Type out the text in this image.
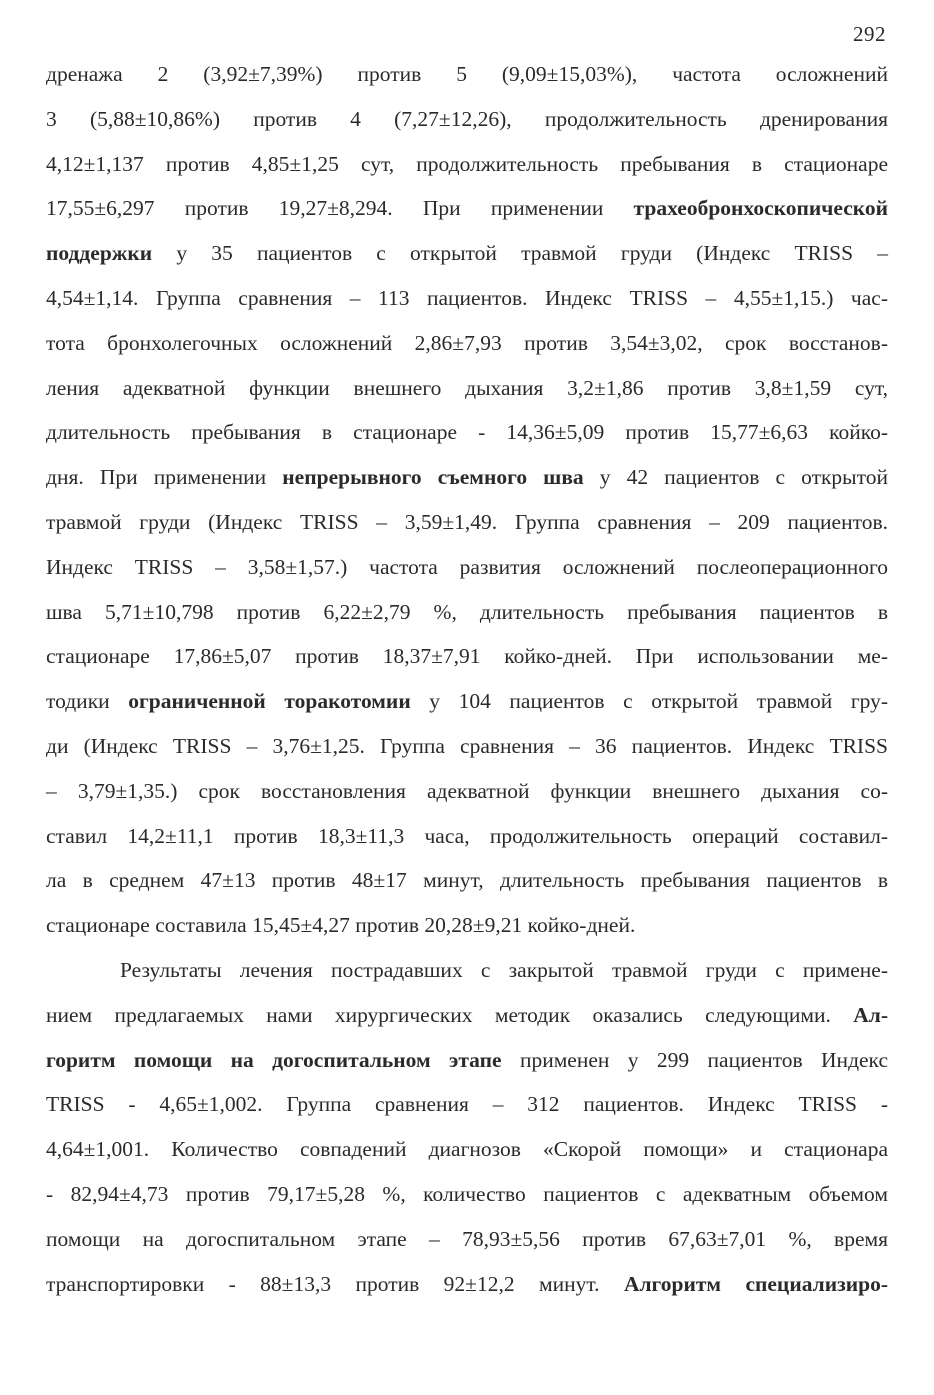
292
дренажа 2 (3,92±7,39%) против 5 (9,09±15,03%), частота осложнений
3 (5,88±10,86%) против 4 (7,27±12,26), продолжительность дренирования
4,12±1,137 против 4,85±1,25 сут, продолжительность пребывания в стационаре
17,55±6,297 против 19,27±8,294. При применении трахеобронхоскопической
поддержки у 35 пациентов с открытой травмой груди (Индекс TRISS –
4,54±1,14. Группа сравнения – 113 пациентов. Индекс TRISS – 4,55±1,15.) час-
тота бронхолегочных осложнений 2,86±7,93 против 3,54±3,02, срок восстанов-
ления адекватной функции внешнего дыхания 3,2±1,86 против 3,8±1,59 сут,
длительность пребывания в стационаре - 14,36±5,09 против 15,77±6,63 койко-
дня. При применении непрерывного съемного шва у 42 пациентов с открытой
травмой груди (Индекс TRISS – 3,59±1,49. Группа сравнения – 209 пациентов.
Индекс TRISS – 3,58±1,57.) частота развития осложнений послеоперационного
шва 5,71±10,798 против 6,22±2,79 %, длительность пребывания пациентов в
стационаре 17,86±5,07 против 18,37±7,91 койко-дней. При использовании ме-
тодики ограниченной торакотомии у 104 пациентов с открытой травмой гру-
ди (Индекс TRISS – 3,76±1,25. Группа сравнения – 36 пациентов. Индекс TRISS
– 3,79±1,35.) срок восстановления адекватной функции внешнего дыхания со-
ставил 14,2±11,1 против 18,3±11,3 часа, продолжительность операций составил-
ла в среднем 47±13 против 48±17 минут, длительность пребывания пациентов в
стационаре составила 15,45±4,27 против 20,28±9,21 койко-дней.
Результаты лечения пострадавших с закрытой травмой груди с примене-
нием предлагаемых нами хирургических методик оказались следующими. Ал-
горитм помощи на догоспитальном этапе применен у 299 пациентов Индекс
TRISS - 4,65±1,002. Группа сравнения – 312 пациентов. Индекс TRISS -
4,64±1,001. Количество совпадений диагнозов «Скорой помощи» и стационара
- 82,94±4,73 против 79,17±5,28 %, количество пациентов с адекватным объемом
помощи на догоспитальном этапе – 78,93±5,56 против 67,63±7,01 %, время
транспортировки - 88±13,3 против 92±12,2 минут. Алгоритм специализиро-
